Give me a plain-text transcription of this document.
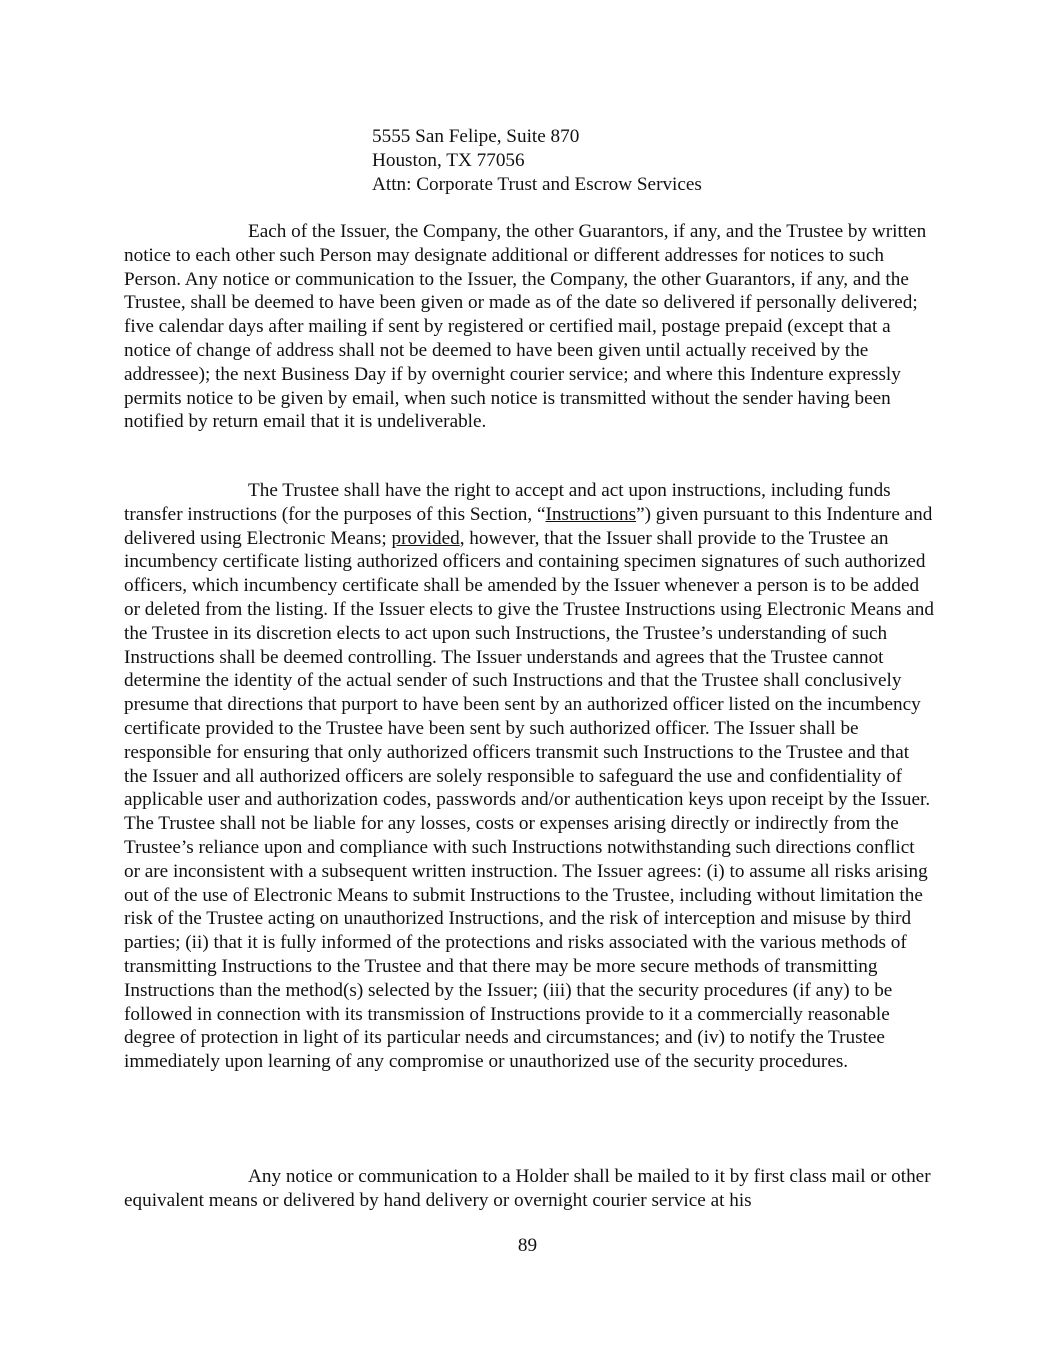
5555 San Felipe, Suite 870
Houston, TX 77056
Attn: Corporate Trust and Escrow Services

Each of the Issuer, the Company, the other Guarantors, if any, and the Trustee by written notice to each other such Person may designate additional or different addresses for notices to such Person. Any notice or communication to the Issuer, the Company, the other Guarantors, if any, and the Trustee, shall be deemed to have been given or made as of the date so delivered if personally delivered; five calendar days after mailing if sent by registered or certified mail, postage prepaid (except that a notice of change of address shall not be deemed to have been given until actually received by the addressee); the next Business Day if by overnight courier service; and where this Indenture expressly permits notice to be given by email, when such notice is transmitted without the sender having been notified by return email that it is undeliverable.

The Trustee shall have the right to accept and act upon instructions, including funds transfer instructions (for the purposes of this Section, “Instructions”) given pursuant to this Indenture and delivered using Electronic Means; provided, however, that the Issuer shall provide to the Trustee an incumbency certificate listing authorized officers and containing specimen signatures of such authorized officers, which incumbency certificate shall be amended by the Issuer whenever a person is to be added or deleted from the listing. If the Issuer elects to give the Trustee Instructions using Electronic Means and the Trustee in its discretion elects to act upon such Instructions, the Trustee’s understanding of such Instructions shall be deemed controlling. The Issuer understands and agrees that the Trustee cannot determine the identity of the actual sender of such Instructions and that the Trustee shall conclusively presume that directions that purport to have been sent by an authorized officer listed on the incumbency certificate provided to the Trustee have been sent by such authorized officer. The Issuer shall be responsible for ensuring that only authorized officers transmit such Instructions to the Trustee and that the Issuer and all authorized officers are solely responsible to safeguard the use and confidentiality of applicable user and authorization codes, passwords and/or authentication keys upon receipt by the Issuer. The Trustee shall not be liable for any losses, costs or expenses arising directly or indirectly from the Trustee’s reliance upon and compliance with such Instructions notwithstanding such directions conflict or are inconsistent with a subsequent written instruction. The Issuer agrees: (i) to assume all risks arising out of the use of Electronic Means to submit Instructions to the Trustee, including without limitation the risk of the Trustee acting on unauthorized Instructions, and the risk of interception and misuse by third parties; (ii) that it is fully informed of the protections and risks associated with the various methods of transmitting Instructions to the Trustee and that there may be more secure methods of transmitting Instructions than the method(s) selected by the Issuer; (iii) that the security procedures (if any) to be followed in connection with its transmission of Instructions provide to it a commercially reasonable degree of protection in light of its particular needs and circumstances; and (iv) to notify the Trustee immediately upon learning of any compromise or unauthorized use of the security procedures.

Any notice or communication to a Holder shall be mailed to it by first class mail or other equivalent means or delivered by hand delivery or overnight courier service at his

89
